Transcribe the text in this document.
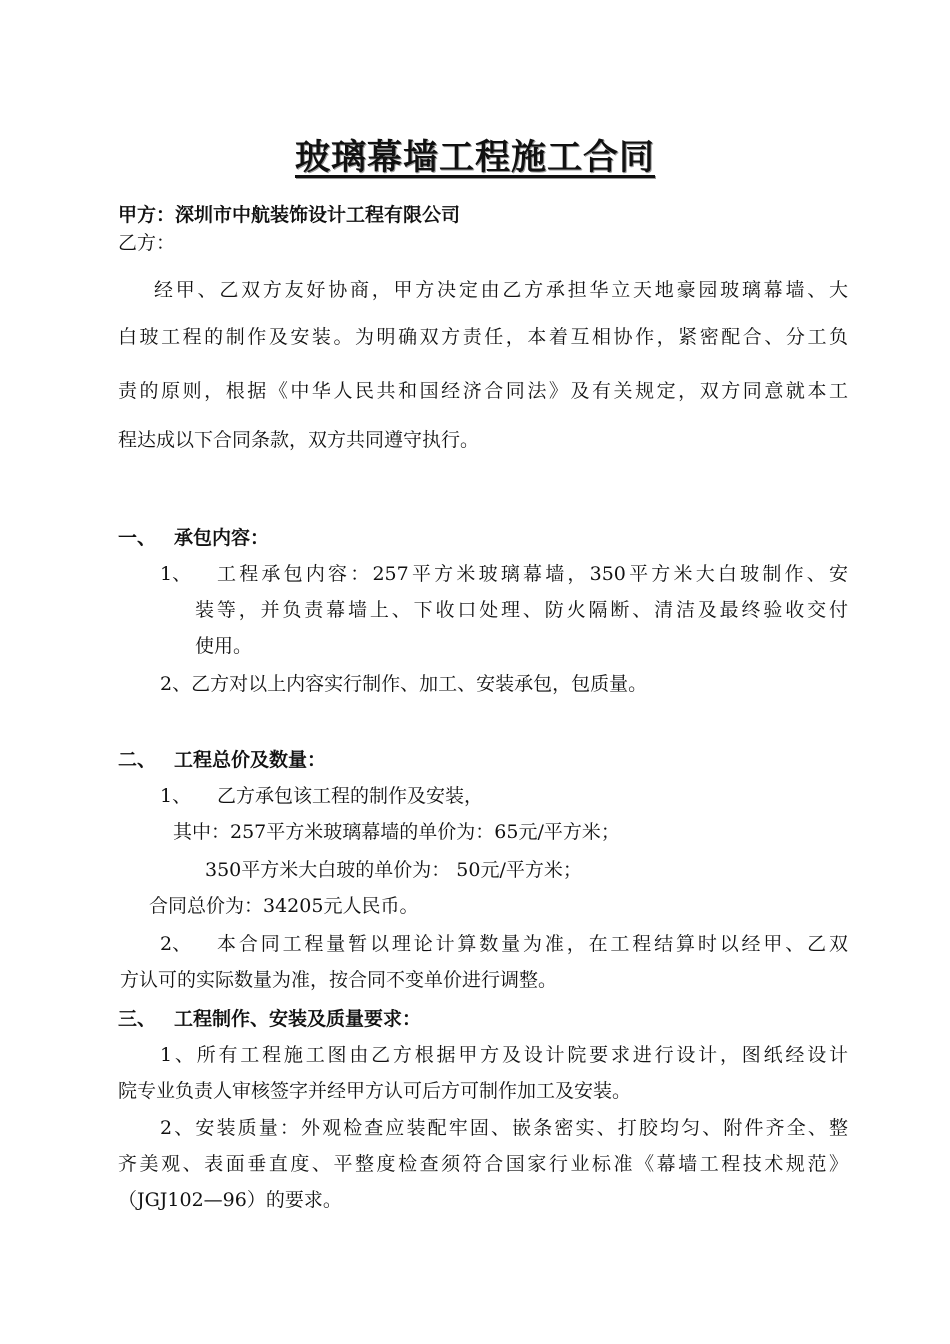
玻璃幕墙工程施工合同
甲方：深圳市中航装饰设计工程有限公司
乙方：
经甲、乙双方友好协商，甲方决定由乙方承担华立天地豪园玻璃幕墙、大
白玻工程的制作及安装。为明确双方责任，本着互相协作，紧密配合、分工负
责的原则，根据《中华人民共和国经济合同法》及有关规定，双方同意就本工
程达成以下合同条款，双方共同遵守执行。
一、 承包内容：
1、 工程承包内容：257平方米玻璃幕墙，350平方米大白玻制作、安
装等，并负责幕墙上、下收口处理、防火隔断、清洁及最终验收交付
使用。
2、乙方对以上内容实行制作、加工、安装承包，包质量。
二、 工程总价及数量：
1、 乙方承包该工程的制作及安装，
其中：257平方米玻璃幕墙的单价为：65元/平方米；
350平方米大白玻的单价为： 50元/平方米；
合同总价为：34205元人民币。
2、 本合同工程量暂以理论计算数量为准，在工程结算时以经甲、乙双
方认可的实际数量为准，按合同不变单价进行调整。
三、 工程制作、安装及质量要求：
1、所有工程施工图由乙方根据甲方及设计院要求进行设计，图纸经设计
院专业负责人审核签字并经甲方认可后方可制作加工及安装。
2、安装质量：外观检查应装配牢固、嵌条密实、打胶均匀、附件齐全、整
齐美观、表面垂直度、平整度检查须符合国家行业标准《幕墙工程技术规范》
（JGJ102—96）的要求。
